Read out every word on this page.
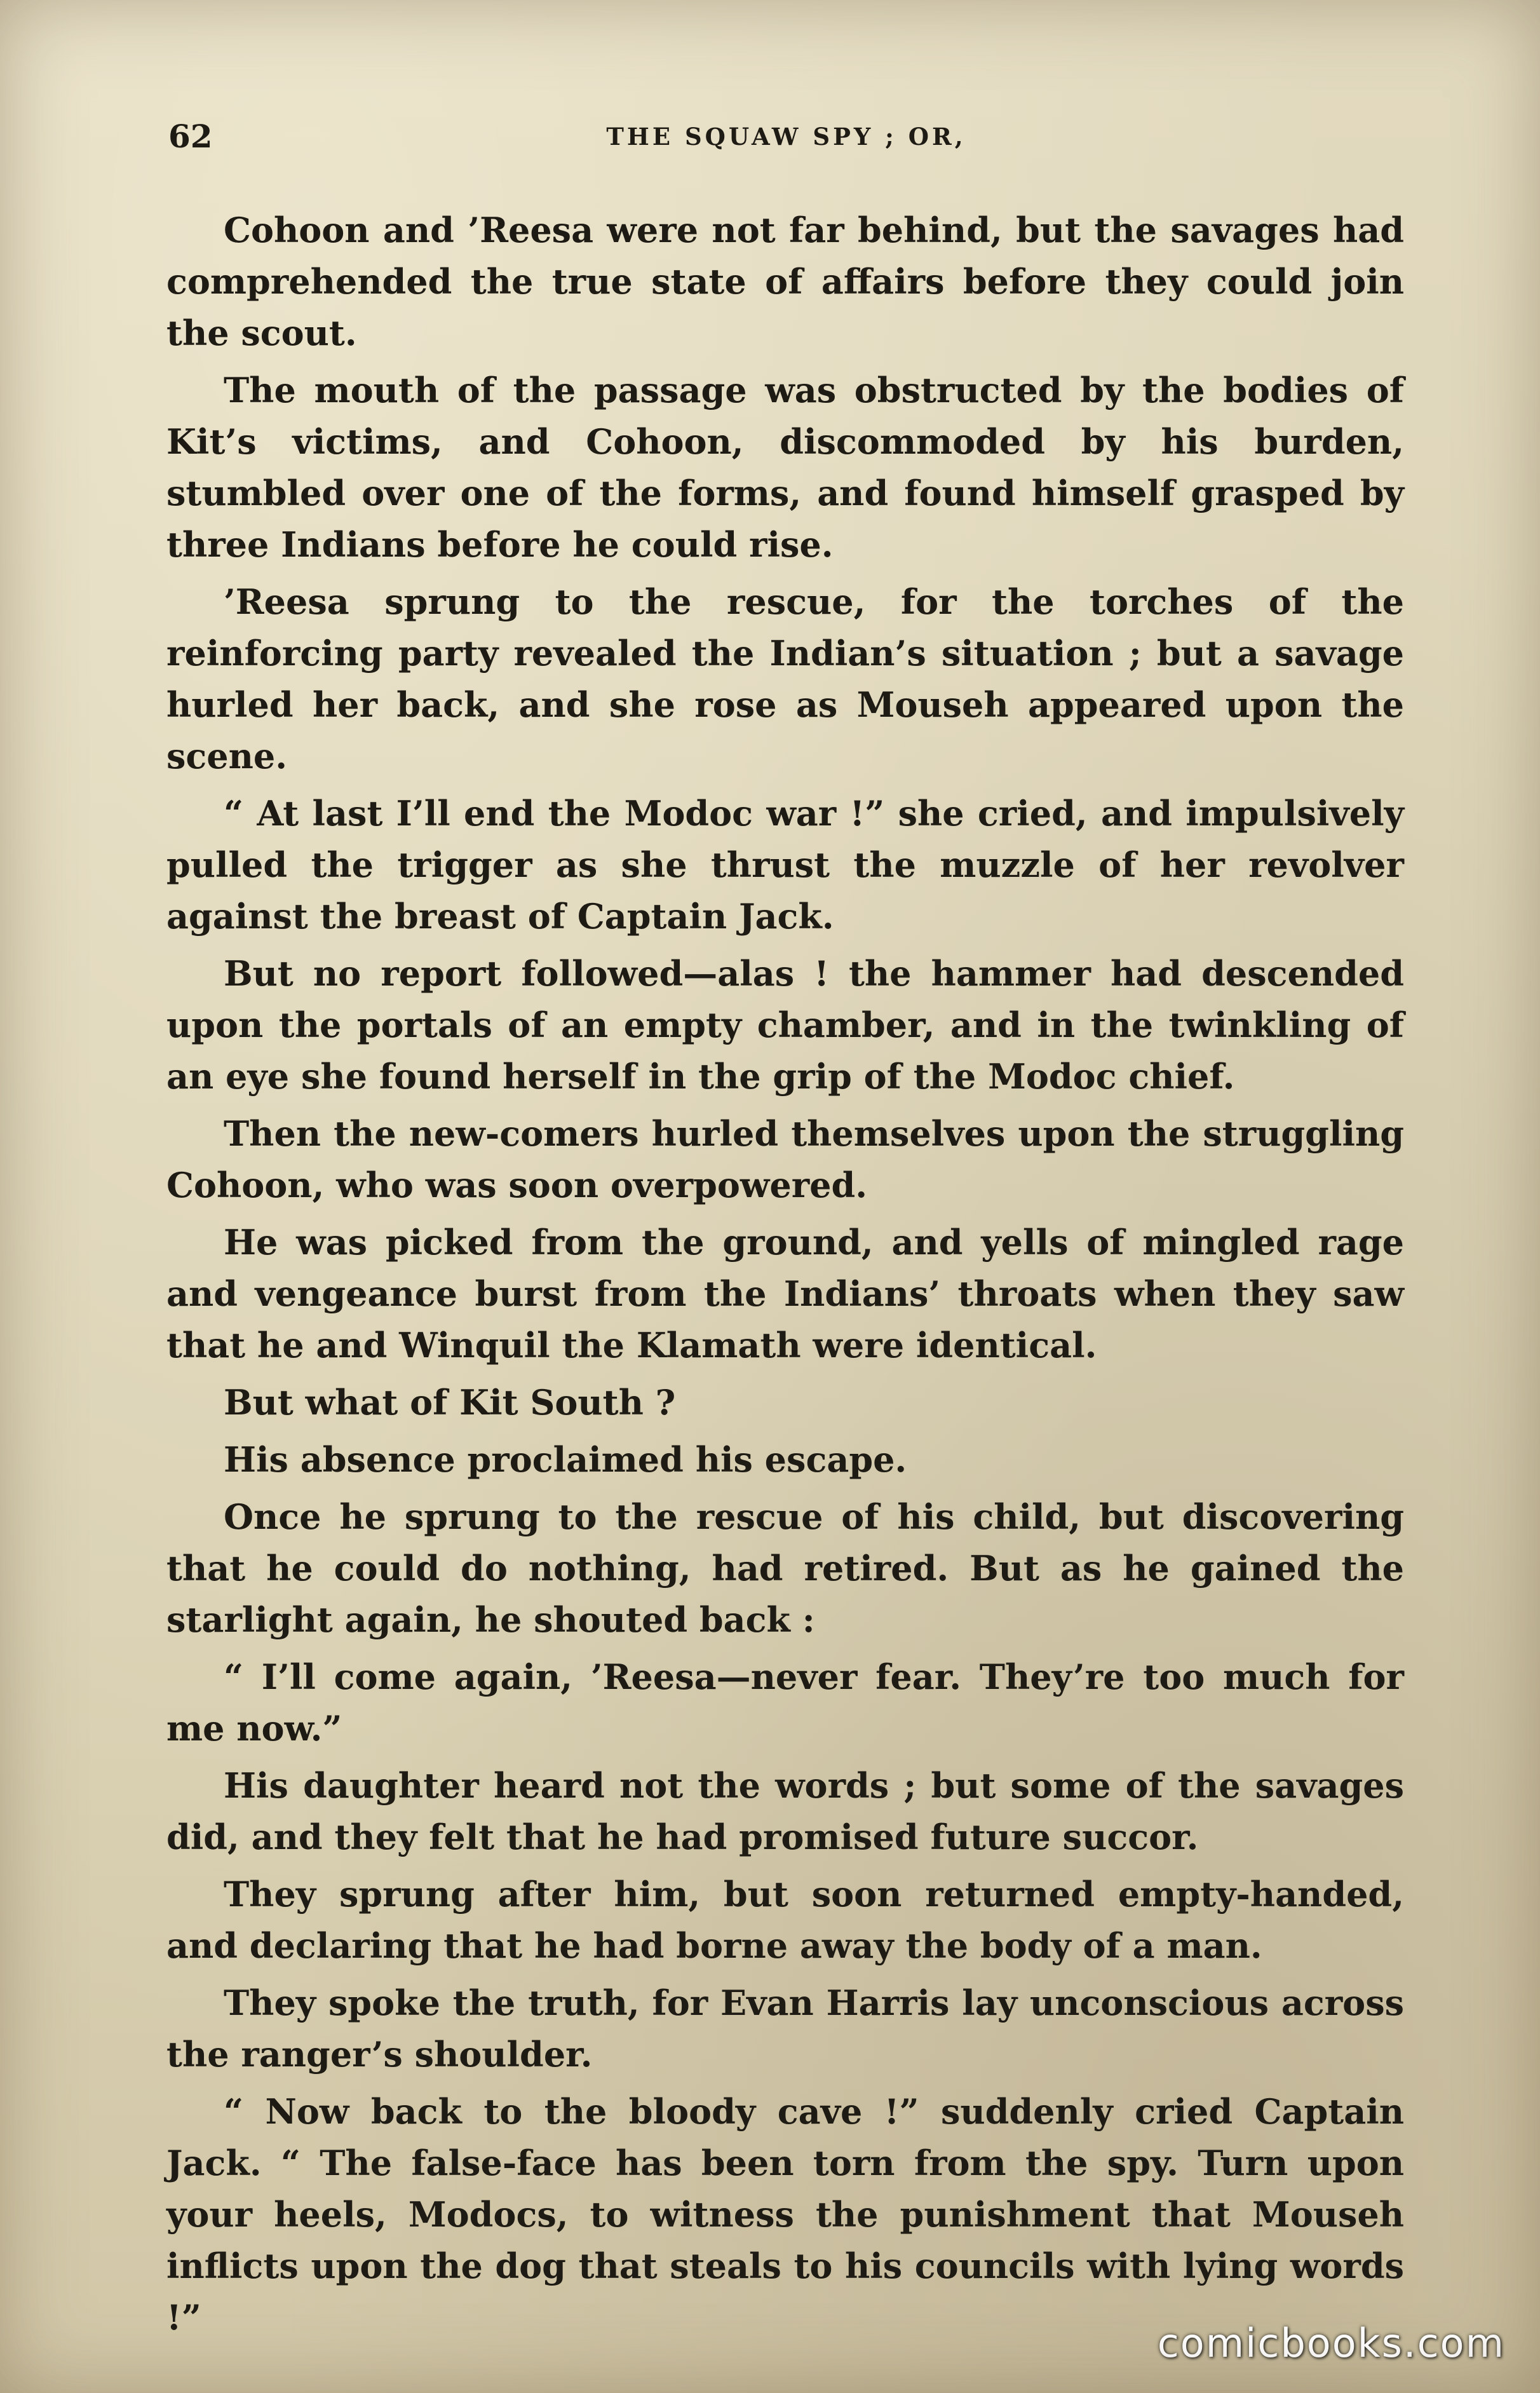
62	THE SQUAW SPY ; OR,

Cohoon and ’Reesa were not far behind, but the savages had comprehended the true state of affairs before they could join the scout.

The mouth of the passage was obstructed by the bodies of Kit’s victims, and Cohoon, discommoded by his burden, stumbled over one of the forms, and found himself grasped by three Indians before he could rise.

’Reesa sprung to the rescue, for the torches of the reinforcing party revealed the Indian’s situation ; but a savage hurled her back, and she rose as Mouseh appeared upon the scene.

“ At last I’ll end the Modoc war !” she cried, and impulsively pulled the trigger as she thrust the muzzle of her revolver against the breast of Captain Jack.

But no report followed—alas ! the hammer had descended upon the portals of an empty chamber, and in the twinkling of an eye she found herself in the grip of the Modoc chief.

Then the new-comers hurled themselves upon the struggling Cohoon, who was soon overpowered.

He was picked from the ground, and yells of mingled rage and vengeance burst from the Indians’ throats when they saw that he and Winquil the Klamath were identical.

But what of Kit South ?

His absence proclaimed his escape.

Once he sprung to the rescue of his child, but discovering that he could do nothing, had retired. But as he gained the starlight again, he shouted back :

“ I’ll come again, ’Reesa—never fear. They’re too much for me now.”

His daughter heard not the words ; but some of the savages did, and they felt that he had promised future succor.

They sprung after him, but soon returned empty-handed, and declaring that he had borne away the body of a man.

They spoke the truth, for Evan Harris lay unconscious across the ranger’s shoulder.

“ Now back to the bloody cave !” suddenly cried Captain Jack. “ The false-face has been torn from the spy. Turn upon your heels, Modocs, to witness the punishment that Mouseh inflicts upon the dog that steals to his councils with lying words !”

comicbooks.com
